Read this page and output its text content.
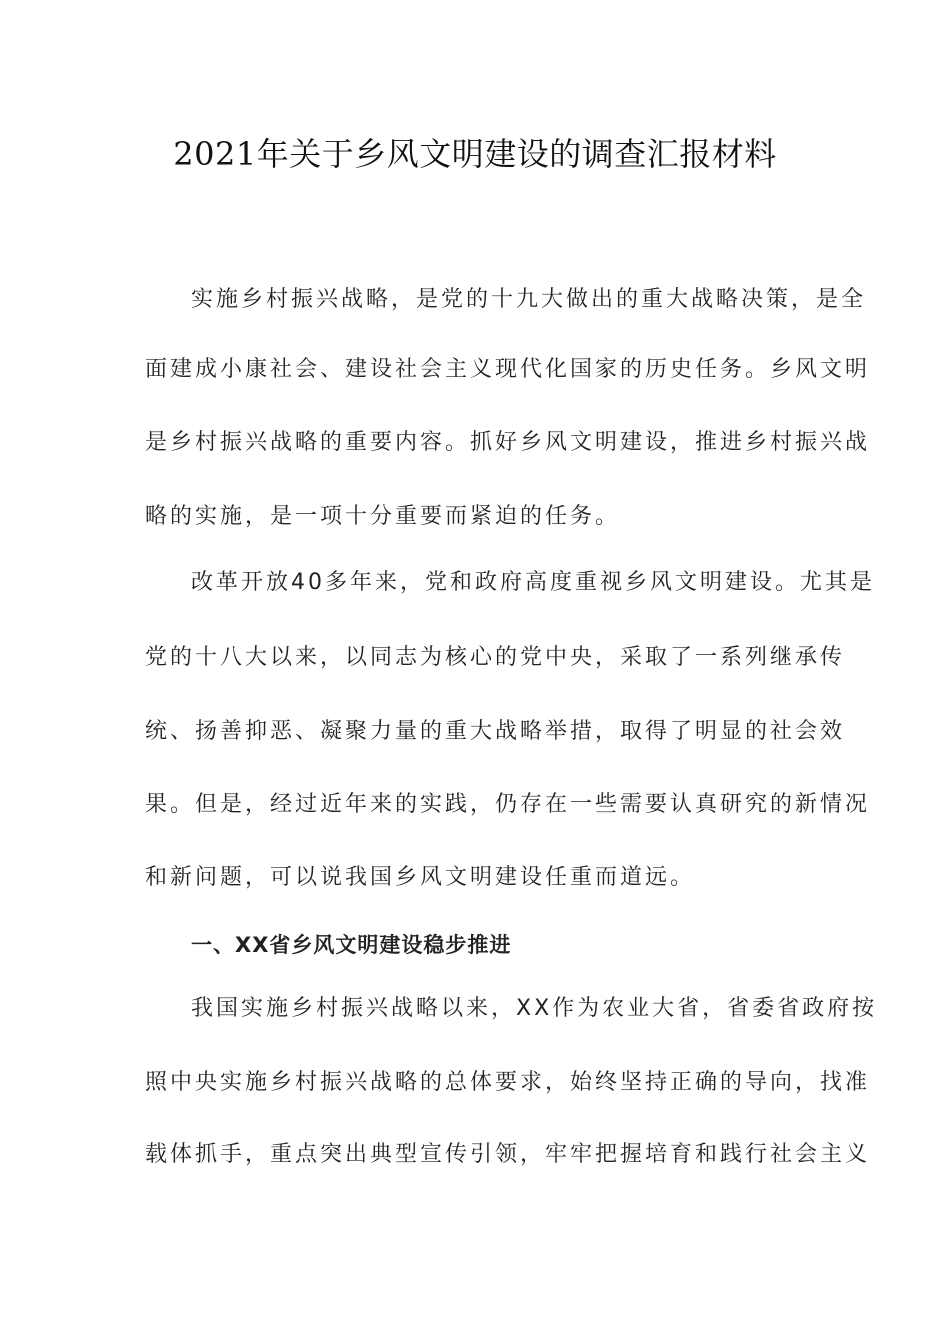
2021年关于乡风文明建设的调查汇报材料
实施乡村振兴战略，是党的十九大做出的重大战略决策，是全
面建成小康社会、建设社会主义现代化国家的历史任务。乡风文明
是乡村振兴战略的重要内容。抓好乡风文明建设，推进乡村振兴战
略的实施，是一项十分重要而紧迫的任务。
改革开放40多年来，党和政府高度重视乡风文明建设。尤其是
党的十八大以来，以同志为核心的党中央，采取了一系列继承传
统、扬善抑恶、凝聚力量的重大战略举措，取得了明显的社会效
果。但是，经过近年来的实践，仍存在一些需要认真研究的新情况
和新问题，可以说我国乡风文明建设任重而道远。
一、XX省乡风文明建设稳步推进
我国实施乡村振兴战略以来，XX作为农业大省，省委省政府按
照中央实施乡村振兴战略的总体要求，始终坚持正确的导向，找准
载体抓手，重点突出典型宣传引领，牢牢把握培育和践行社会主义
